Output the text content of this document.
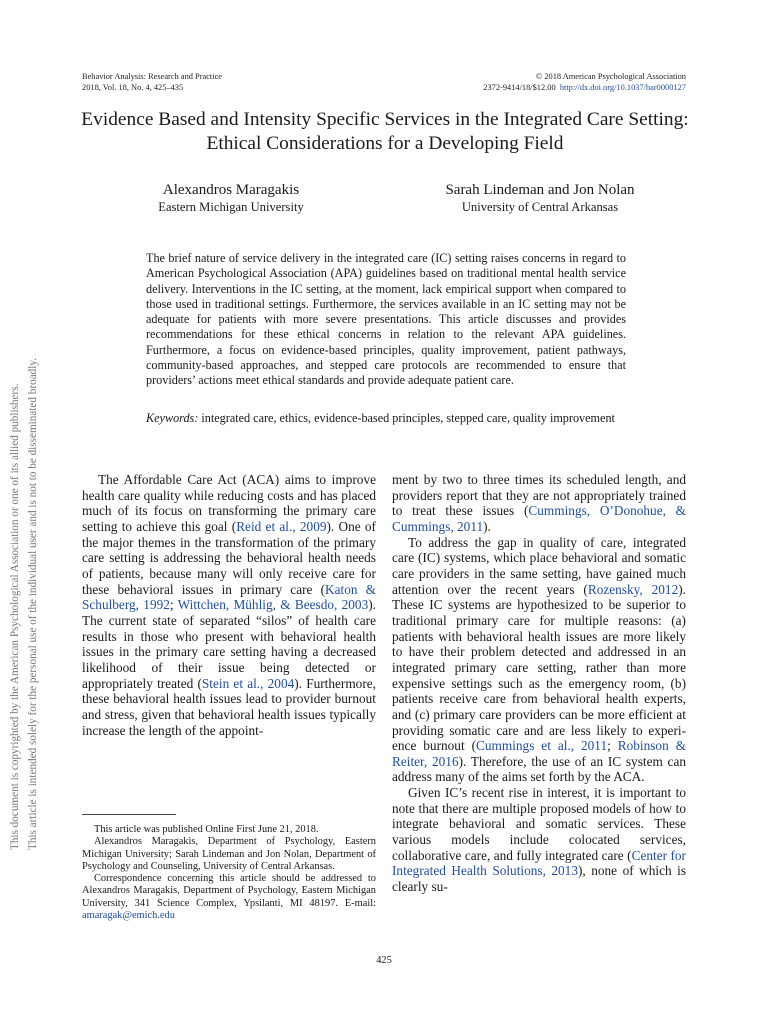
Behavior Analysis: Research and Practice
2018, Vol. 18, No. 4, 425–435
© 2018 American Psychological Association
2372-9414/18/$12.00 http://dx.doi.org/10.1037/bar0000127
Evidence Based and Intensity Specific Services in the Integrated Care Setting: Ethical Considerations for a Developing Field
Alexandros Maragakis
Eastern Michigan University
Sarah Lindeman and Jon Nolan
University of Central Arkansas
The brief nature of service delivery in the integrated care (IC) setting raises concerns in regard to American Psychological Association (APA) guidelines based on traditional mental health service delivery. Interventions in the IC setting, at the moment, lack empirical support when compared to those used in traditional settings. Furthermore, the services available in an IC setting may not be adequate for patients with more severe presentations. This article discusses and provides recommendations for these ethical concerns in relation to the relevant APA guidelines. Furthermore, a focus on evidence-based principles, quality improvement, patient pathways, community-based approaches, and stepped care protocols are recommended to ensure that providers’ actions meet ethical standards and provide adequate patient care.
Keywords: integrated care, ethics, evidence-based principles, stepped care, quality improvement

The Affordable Care Act (ACA) aims to improve health care quality while reducing costs and has placed much of its focus on transforming the primary care setting to achieve this goal (Reid et al., 2009). One of the major themes in the transformation of the primary care setting is addressing the behavioral health needs of patients, because many will only receive care for these behavioral issues in primary care (Katon & Schulberg, 1992; Wittchen, Mühlig, & Beesdo, 2003). The current state of separated “silos” of health care results in those who present with behavioral health issues in the primary care setting having a decreased likelihood of their issue being detected or appropriately treated (Stein et al., 2004). Furthermore, these behavioral health issues lead to provider burnout and stress, given that behavioral health issues typically increase the length of the appoint-

ment by two to three times its scheduled length, and providers report that they are not appropriately trained to treat these issues (Cummings, O’Donohue, & Cummings, 2011).

To address the gap in quality of care, integrated care (IC) systems, which place behavioral and somatic care providers in the same setting, have gained much attention over the recent years (Rozensky, 2012). These IC systems are hypothesized to be superior to traditional primary care for multiple reasons: (a) patients with behavioral health issues are more likely to have their problem detected and addressed in an integrated primary care setting, rather than more expensive settings such as the emergency room, (b) patients receive care from behavioral health experts, and (c) primary care providers can be more efficient at providing somatic care and are less likely to experience burnout (Cummings et al., 2011; Robinson & Reiter, 2016). Therefore, the use of an IC system can address many of the aims set forth by the ACA.

Given IC’s recent rise in interest, it is important to note that there are multiple proposed models of how to integrate behavioral and somatic services. These various models include colocated services, collaborative care, and fully integrated care (Center for Integrated Health Solutions, 2013), none of which is clearly su-

This article was published Online First June 21, 2018.

Alexandros Maragakis, Department of Psychology, Eastern Michigan University; Sarah Lindeman and Jon Nolan, Department of Psychology and Counseling, University of Central Arkansas.

Correspondence concerning this article should be addressed to Alexandros Maragakis, Department of Psychology, Eastern Michigan University, 341 Science Complex, Ypsilanti, MI 48197. E-mail: amaragak@emich.edu

425
This document is copyrighted by the American Psychological Association or one of its allied publishers. This article is intended solely for the personal use of the individual user and is not to be disseminated broadly.
